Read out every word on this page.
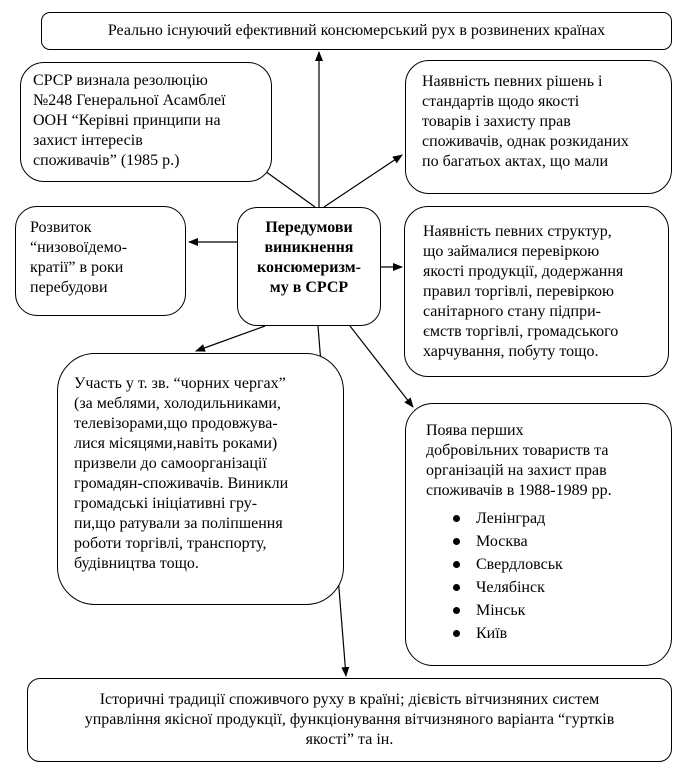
Реально існуючий ефективний консюмерський рух в розвинених країнах

СРСР визнала резолюцію

№248 Генеральної Асамблеї

ООН “Керівні принципи на

захист інтересів

споживачів” (1985 р.)

Наявність певних рішень і

стандартів щодо якості

товарів і захисту прав

споживачів, однак розкидaних

по багатьох актах, що мали

Розвиток

“низовоїдемо-

кратії” в роки

перебудови

Передумови

виникнення

консюмеризм-

му в СРСР

Наявність певних структур,

що займалися перевіркою

якості продукції, додержання

правил торгівлі, перевіркою

санітарного стану підпри-

ємств торгівлі, громадського

харчування, побуту тощо.

Участь у т. зв. “чорних чергах”

(за меблями, холодильниками,

телевізорами,що продовжува-

лися місяцями,навіть роками)

призвели до самоорганізації

громадян-споживачів. Виникли

громадські ініціативні гру-

пи,що ратували за поліпшення

роботи торгівлі, транспорту,

будівництва тощо.

Поява перших

добровільних товариств та

організацій на захист прав

споживачів в 1988-1989 рр.

Ленінград
Москва
Свердловськ
Челябінск
Мінськ
Київ

Історичні традиції споживчого руху в країні; дієвість вітчизняних систем

управління якісної продукції, функціонування вітчизняного варіанта “гуртків

якості” та ін.
